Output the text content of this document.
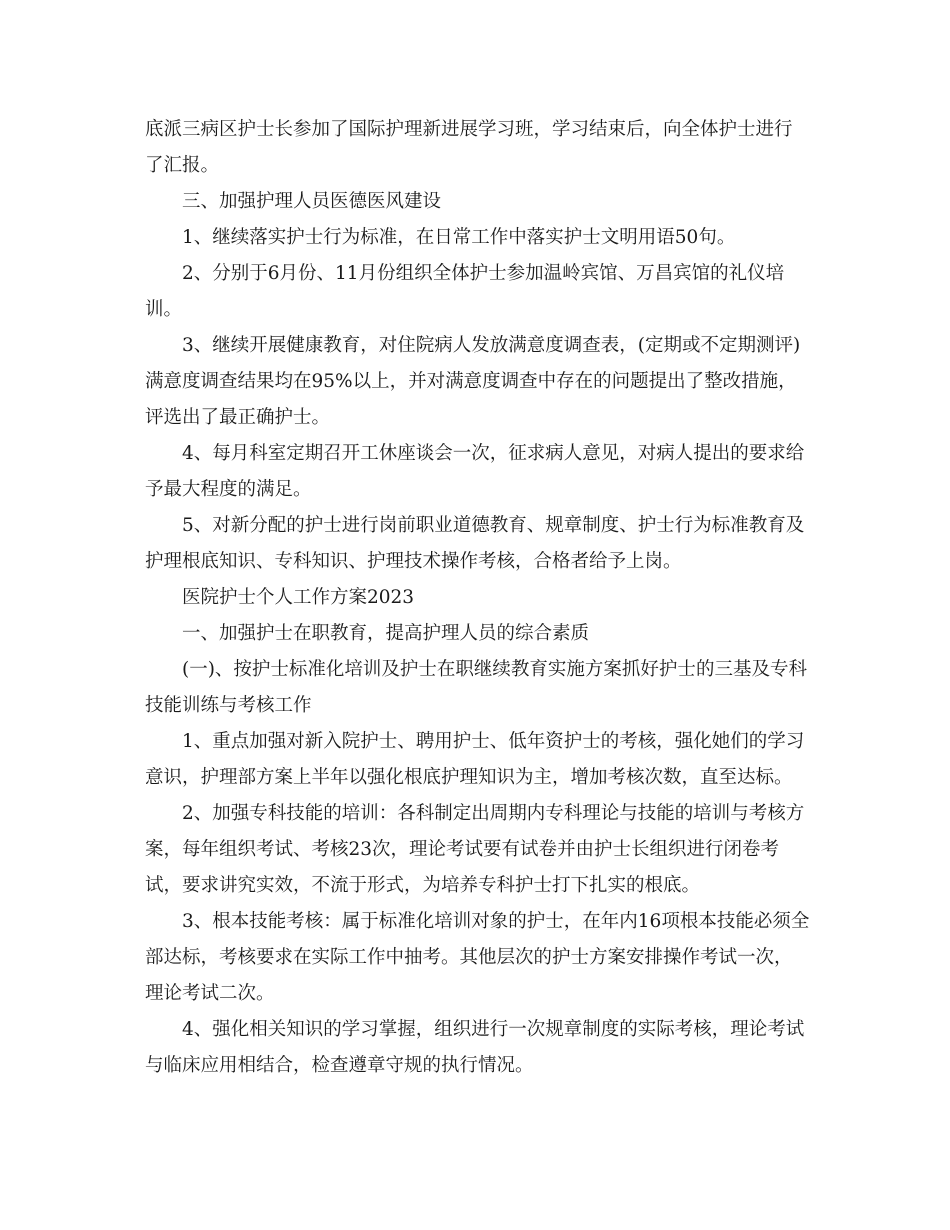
底派三病区护士长参加了国际护理新进展学习班，学习结束后，向全体护士进行了汇报。

三、加强护理人员医德医风建设

1、继续落实护士行为标准，在日常工作中落实护士文明用语50句。

2、分别于6月份、11月份组织全体护士参加温岭宾馆、万昌宾馆的礼仪培训。

3、继续开展健康教育，对住院病人发放满意度调查表，(定期或不定期测评)满意度调查结果均在95%以上，并对满意度调查中存在的问题提出了整改措施，评选出了最正确护士。

4、每月科室定期召开工休座谈会一次，征求病人意见，对病人提出的要求给予最大程度的满足。

5、对新分配的护士进行岗前职业道德教育、规章制度、护士行为标准教育及护理根底知识、专科知识、护理技术操作考核，合格者给予上岗。

医院护士个人工作方案2023

一、加强护士在职教育，提高护理人员的综合素质

(一)、按护士标准化培训及护士在职继续教育实施方案抓好护士的三基及专科技能训练与考核工作

1、重点加强对新入院护士、聘用护士、低年资护士的考核，强化她们的学习意识，护理部方案上半年以强化根底护理知识为主，增加考核次数，直至达标。

2、加强专科技能的培训：各科制定出周期内专科理论与技能的培训与考核方案，每年组织考试、考核23次，理论考试要有试卷并由护士长组织进行闭卷考试，要求讲究实效，不流于形式，为培养专科护士打下扎实的根底。

3、根本技能考核：属于标准化培训对象的护士，在年内16项根本技能必须全部达标，考核要求在实际工作中抽考。其他层次的护士方案安排操作考试一次，理论考试二次。

4、强化相关知识的学习掌握，组织进行一次规章制度的实际考核，理论考试与临床应用相结合，检查遵章守规的执行情况。
